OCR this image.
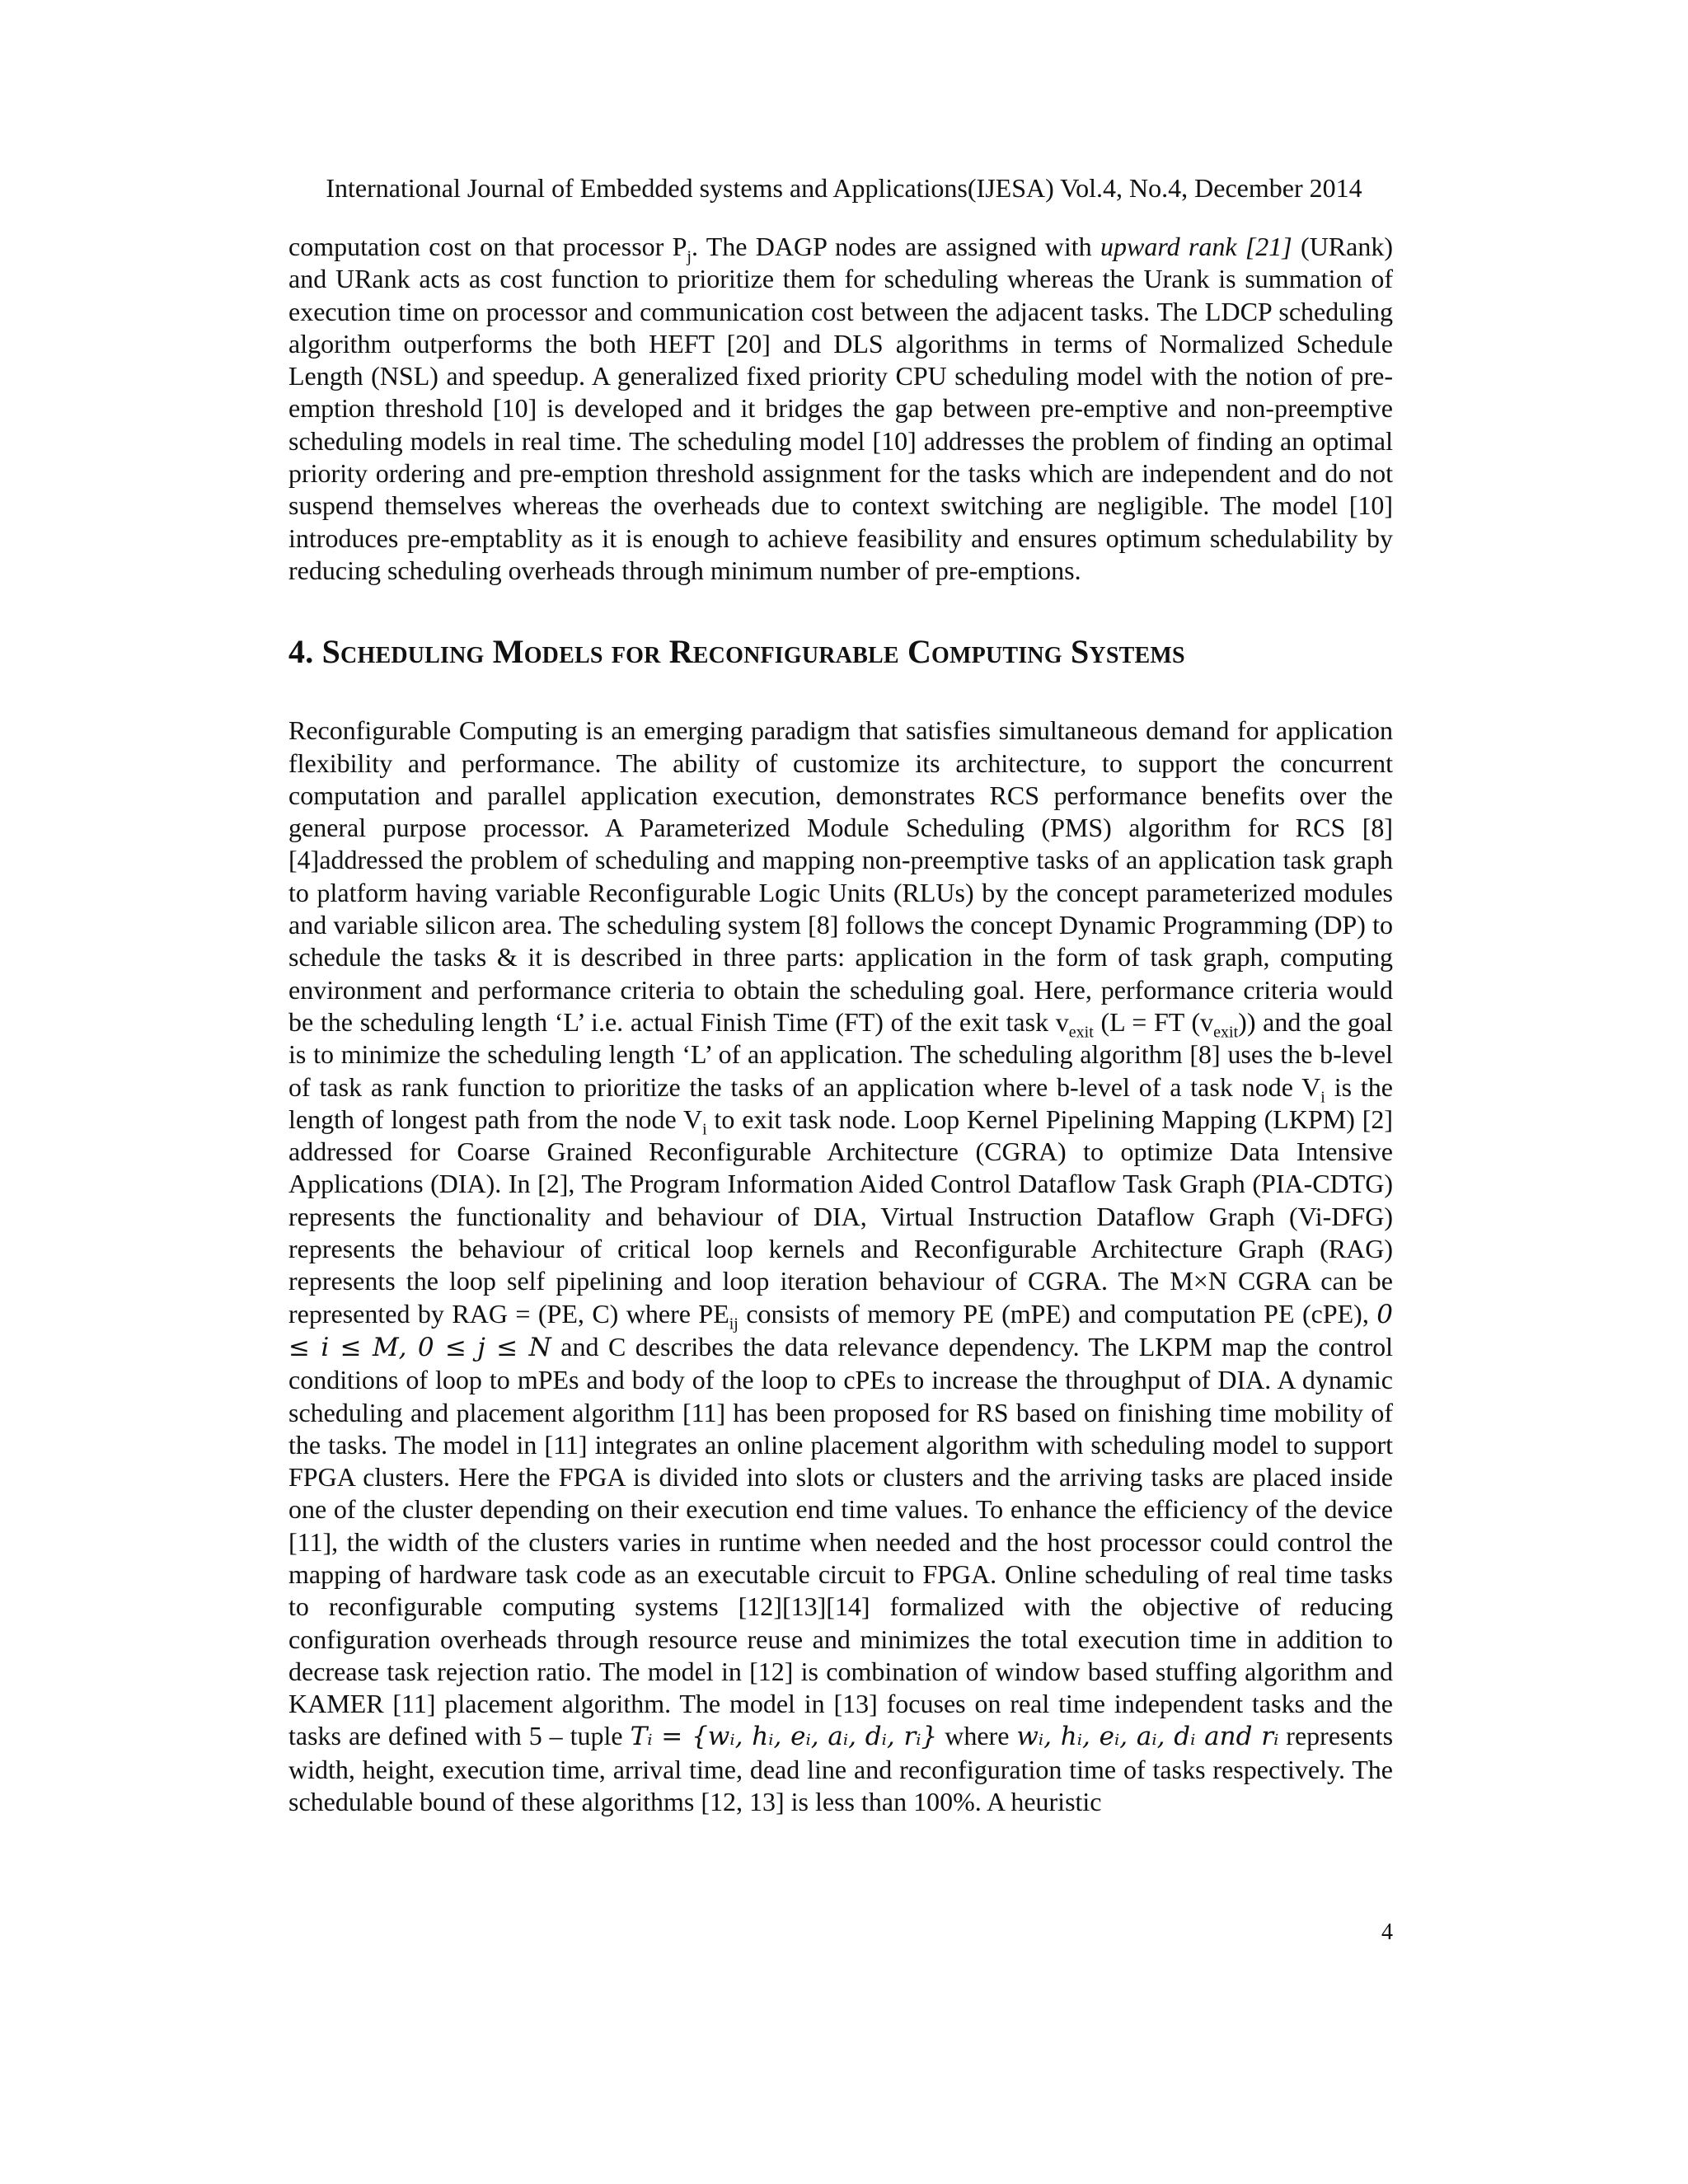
International Journal of Embedded systems and Applications(IJESA) Vol.4, No.4, December 2014

computation cost on that processor $P_j$. The DAGP nodes are assigned with upward rank [21] (URank) and URank acts as cost function to prioritize them for scheduling whereas the Urank is summation of execution time on processor and communication cost between the adjacent tasks. The LDCP scheduling algorithm outperforms the both HEFT [20] and DLS algorithms in terms of Normalized Schedule Length (NSL) and speedup. A generalized fixed priority CPU scheduling model with the notion of pre-emption threshold [10] is developed and it bridges the gap between pre-emptive and non-preemptive scheduling models in real time. The scheduling model [10] addresses the problem of finding an optimal priority ordering and pre-emption threshold assignment for the tasks which are independent and do not suspend themselves whereas the overheads due to context switching are negligible. The model [10] introduces pre-emptablity as it is enough to achieve feasibility and ensures optimum schedulability by reducing scheduling overheads through minimum number of pre-emptions.

4. Scheduling Models for Reconfigurable Computing Systems

Reconfigurable Computing is an emerging paradigm that satisfies simultaneous demand for application flexibility and performance. The ability of customize its architecture, to support the concurrent computation and parallel application execution, demonstrates RCS performance benefits over the general purpose processor. A Parameterized Module Scheduling (PMS) algorithm for RCS [8][4]addressed the problem of scheduling and mapping non-preemptive tasks of an application task graph to platform having variable Reconfigurable Logic Units (RLUs) by the concept parameterized modules and variable silicon area. The scheduling system [8] follows the concept Dynamic Programming (DP) to schedule the tasks & it is described in three parts: application in the form of task graph, computing environment and performance criteria to obtain the scheduling goal. Here, performance criteria would be the scheduling length ‘L’ i.e. actual Finish Time (FT) of the exit task $v_{exit}$ (L = FT $(v_{exit})$) and the goal is to minimize the scheduling length ‘L’ of an application. The scheduling algorithm [8] uses the b-level of task as rank function to prioritize the tasks of an application where b-level of a task node $V_i$ is the length of longest path from the node $V_i$ to exit task node. Loop Kernel Pipelining Mapping (LKPM) [2] addressed for Coarse Grained Reconfigurable Architecture (CGRA) to optimize Data Intensive Applications (DIA). In [2], The Program Information Aided Control Dataflow Task Graph (PIA-CDTG) represents the functionality and behaviour of DIA, Virtual Instruction Dataflow Graph (Vi-DFG) represents the behaviour of critical loop kernels and Reconfigurable Architecture Graph (RAG) represents the loop self pipelining and loop iteration behaviour of CGRA. The M×N CGRA can be represented by RAG = (PE, C) where $PE_{ij}$ consists of memory PE (mPE) and computation PE (cPE), 0 ≤ i ≤ M, 0 ≤ j ≤ N and C describes the data relevance dependency. The LKPM map the control conditions of loop to mPEs and body of the loop to cPEs to increase the throughput of DIA. A dynamic scheduling and placement algorithm [11] has been proposed for RS based on finishing time mobility of the tasks. The model in [11] integrates an online placement algorithm with scheduling model to support FPGA clusters. Here the FPGA is divided into slots or clusters and the arriving tasks are placed inside one of the cluster depending on their execution end time values. To enhance the efficiency of the device [11], the width of the clusters varies in runtime when needed and the host processor could control the mapping of hardware task code as an executable circuit to FPGA. Online scheduling of real time tasks to reconfigurable computing systems [12][13][14] formalized with the objective of reducing configuration overheads through resource reuse and minimizes the total execution time in addition to decrease task rejection ratio. The model in [12] is combination of window based stuffing algorithm and KAMER [11] placement algorithm. The model in [13] focuses on real time independent tasks and the tasks are defined with 5 – tuple Tᵢ = {wᵢ, hᵢ, eᵢ, aᵢ, dᵢ, rᵢ} where wᵢ, hᵢ, eᵢ, aᵢ, dᵢ and rᵢ represents width, height, execution time, arrival time, dead line and reconfiguration time of tasks respectively. The schedulable bound of these algorithms [12, 13] is less than 100%. A heuristic

4
